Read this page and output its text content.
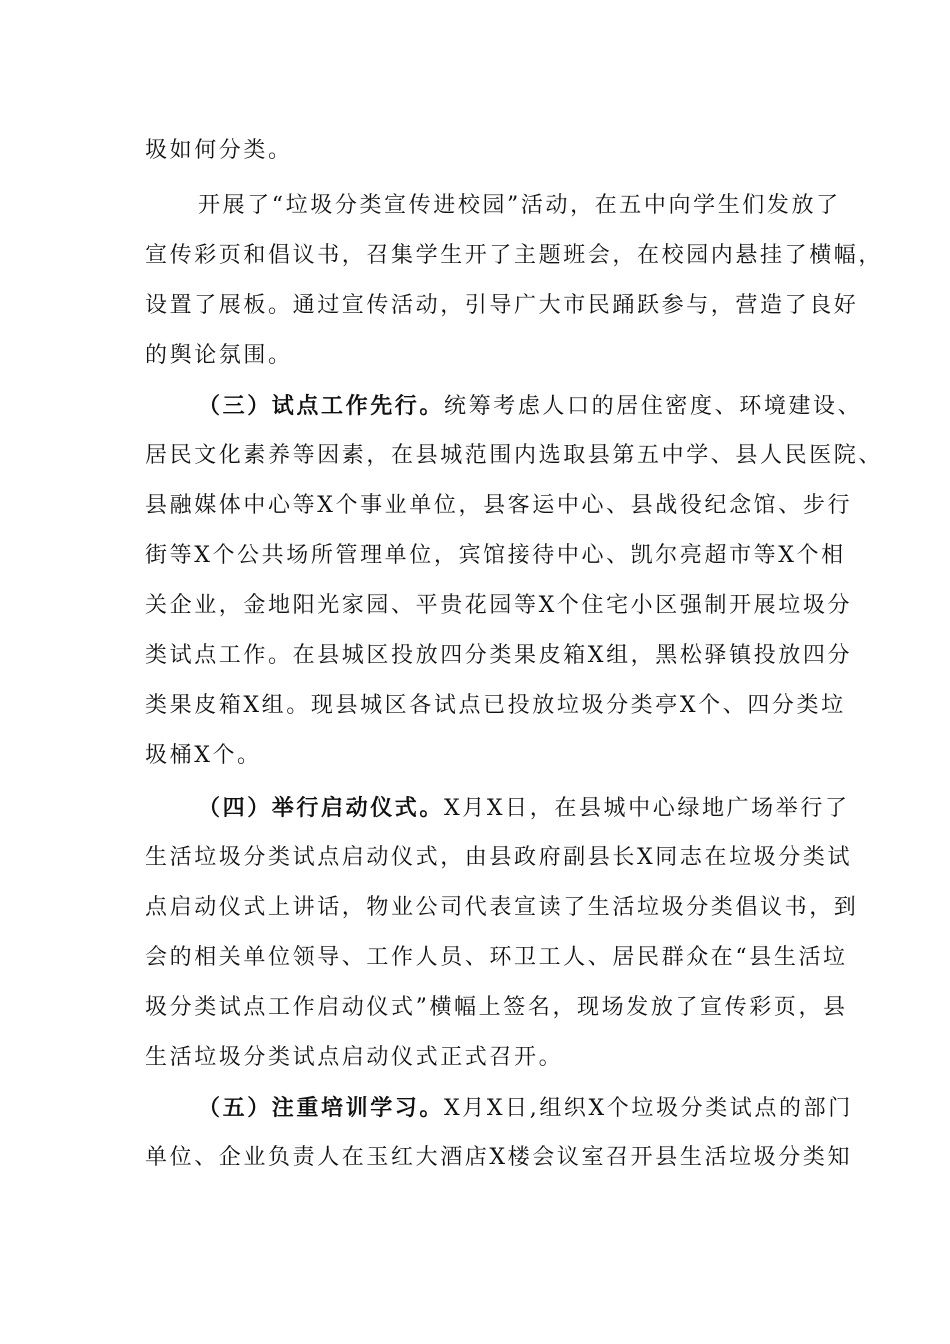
圾如何分类。
开展了“垃圾分类宣传进校园”活动，在五中向学生们发放了
宣传彩页和倡议书，召集学生开了主题班会，在校园内悬挂了横幅，
设置了展板。通过宣传活动，引导广大市民踊跃参与，营造了良好
的舆论氛围。
（三）试点工作先行。统筹考虑人口的居住密度、环境建设、
居民文化素养等因素，在县城范围内选取县第五中学、县人民医院、
县融媒体中心等X个事业单位，县客运中心、县战役纪念馆、步行
街等X个公共场所管理单位，宾馆接待中心、凯尔亮超市等X个相
关企业，金地阳光家园、平贵花园等X个住宅小区强制开展垃圾分
类试点工作。在县城区投放四分类果皮箱X组，黑松驿镇投放四分
类果皮箱X组。现县城区各试点已投放垃圾分类亭X个、四分类垃
圾桶X个。
（四）举行启动仪式。X月X日，在县城中心绿地广场举行了
生活垃圾分类试点启动仪式，由县政府副县长X同志在垃圾分类试
点启动仪式上讲话，物业公司代表宣读了生活垃圾分类倡议书，到
会的相关单位领导、工作人员、环卫工人、居民群众在“县生活垃
圾分类试点工作启动仪式”横幅上签名，现场发放了宣传彩页，县
生活垃圾分类试点启动仪式正式召开。
（五）注重培训学习。X月X日,组织X个垃圾分类试点的部门
单位、企业负责人在玉红大酒店X楼会议室召开县生活垃圾分类知
